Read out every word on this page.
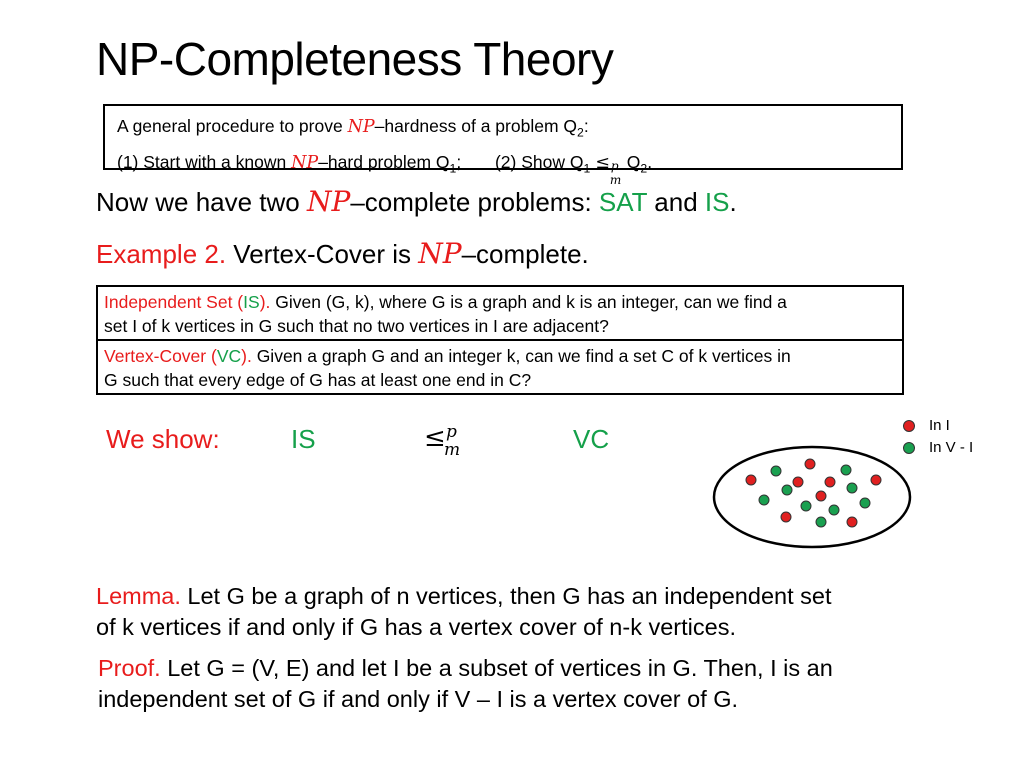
NP-Completeness Theory
A general procedure to prove NP–hardness of a problem $Q_2$:
(1) Start with a known NP–hard problem $Q_1$; (2) Show $Q_1 \le p$
m
$Q_2$.
Now we have two NP–complete problems: SAT and IS.
Example 2. Vertex-Cover is NP–complete.
Independent Set (IS). Given (G, k), where G is a graph and k is an integer, can we find a
set I of k vertices in G such that no two vertices in I are adjacent?
Vertex-Cover (VC). Given a graph G and an integer k, can we find a set C of k vertices in
G such that every edge of G has at least one end in C?
We show:	IS	≤ p
m	VC	In I
In V - I
Lemma. Let G be a graph of n vertices, then G has an independent set
of k vertices if and only if G has a vertex cover of n-k vertices.
Proof. Let G = (V, E) and let I be a subset of vertices in G. Then, I is an
independent set of G if and only if V – I is a vertex cover of G.
